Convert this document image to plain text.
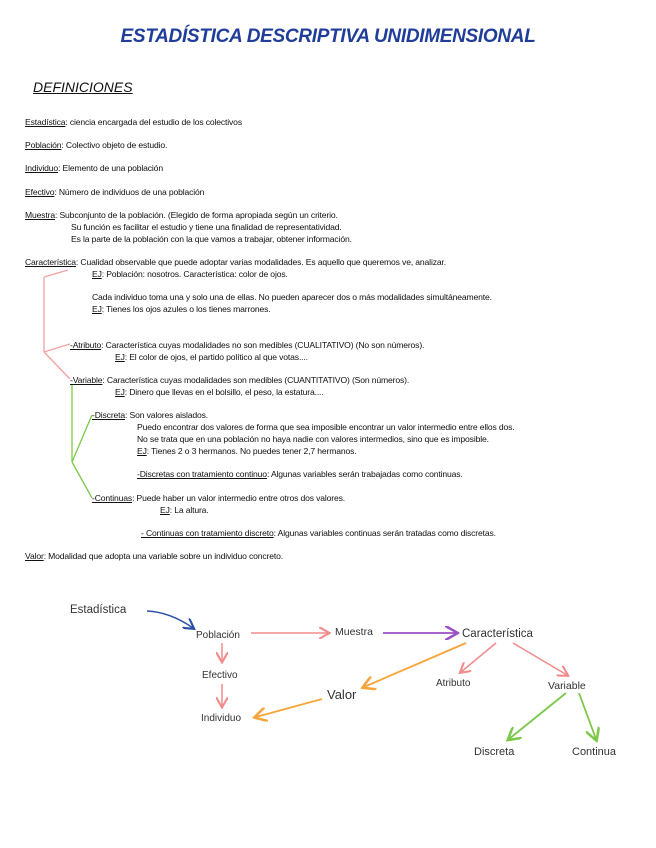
ESTADÍSTICA DESCRIPTIVA UNIDIMENSIONAL
DEFINICIONES
Estadística: ciencia encargada del estudio de los colectivos
Población: Colectivo objeto de estudio.
Individuo: Elemento de una población
Efectivo: Número de individuos de una población
Muestra: Subconjunto de la población. (Elegido de forma apropiada según un criterio.
Su función es facilitar el estudio y tiene una finalidad de representatividad.
Es la parte de la población con la que vamos a trabajar, obtener información.
Característica: Cualidad observable que puede adoptar varias modalidades. Es aquello que queremos ve, analizar.
EJ: Población: nosotros. Característica: color de ojos.
Cada individuo toma una y solo una de ellas. No pueden aparecer dos o más modalidades simultáneamente.
EJ: Tienes los ojos azules o los tienes marrones.
-Atributo: Característica cuyas modalidades no son medibles (CUALITATIVO) (No son números).
EJ: El color de ojos, el partido político al que votas....
-Variable: Característica cuyas modalidades son medibles (CUANTITATIVO) (Son números).
EJ: Dinero que llevas en el bolsillo, el peso, la estatura....
-Discreta: Son valores aislados.
Puedo encontrar dos valores de forma que sea imposible encontrar un valor intermedio entre ellos dos.
No se trata que en una población no haya nadie con valores intermedios, sino que es imposible.
EJ: Tienes 2 o 3 hermanos. No puedes tener 2,7 hermanos.
-Discretas con tratamiento continuo: Algunas variables serán trabajadas como continuas.
-Continuas: Puede haber un valor intermedio entre otros dos valores.
EJ: La altura.
- Continuas con tratamiento discreto: Algunas variables continuas serán tratadas como discretas.
Valor: Modalidad que adopta una variable sobre un individuo concreto.
Estadística
Población	Muestra	Característica
Efectivo
Valor
Atributo	Variable
Individuo
Discreta	Continua
